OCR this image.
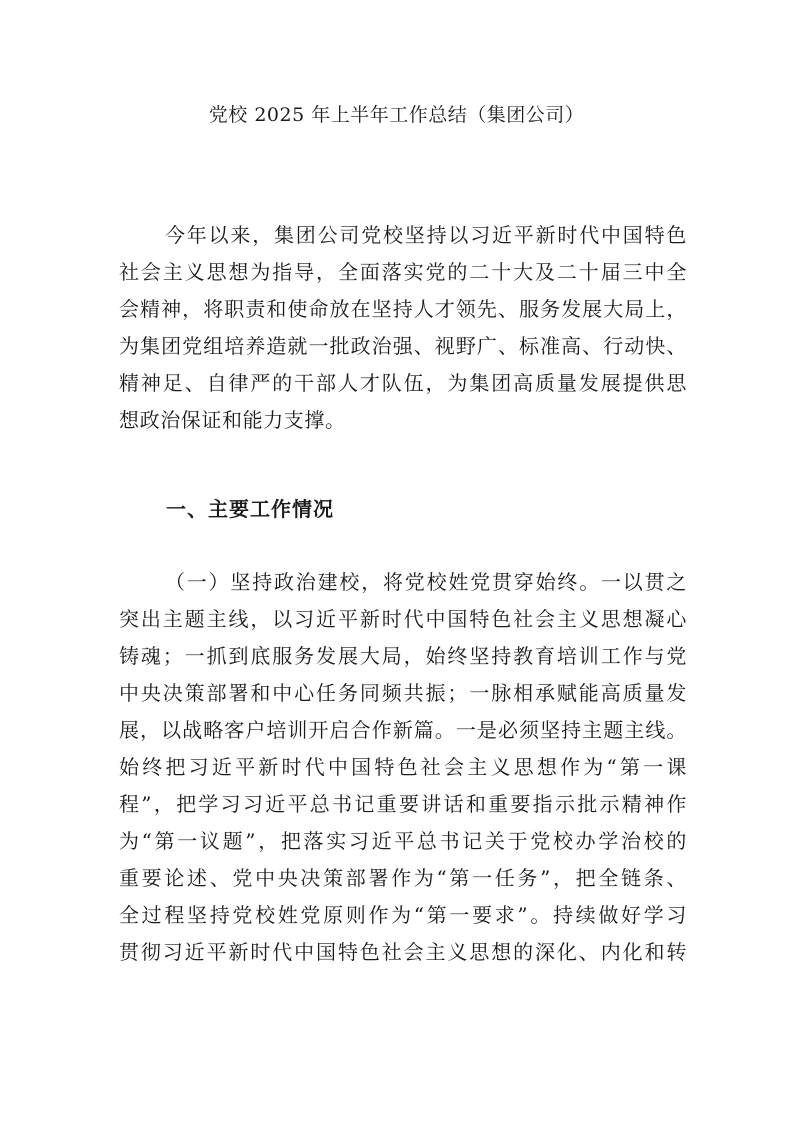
党校 2025 年上半年工作总结（集团公司）
今年以来，集团公司党校坚持以习近平新时代中国特色
社会主义思想为指导，全面落实党的二十大及二十届三中全
会精神，将职责和使命放在坚持人才领先、服务发展大局上，
为集团党组培养造就一批政治强、视野广、标准高、行动快、
精神足、自律严的干部人才队伍，为集团高质量发展提供思
想政治保证和能力支撑。
一、主要工作情况
（一）坚持政治建校，将党校姓党贯穿始终。一以贯之
突出主题主线，以习近平新时代中国特色社会主义思想凝心
铸魂；一抓到底服务发展大局，始终坚持教育培训工作与党
中央决策部署和中心任务同频共振；一脉相承赋能高质量发
展，以战略客户培训开启合作新篇。一是必须坚持主题主线。
始终把习近平新时代中国特色社会主义思想作为“第一课
程”，把学习习近平总书记重要讲话和重要指示批示精神作
为“第一议题”，把落实习近平总书记关于党校办学治校的
重要论述、党中央决策部署作为“第一任务”，把全链条、
全过程坚持党校姓党原则作为“第一要求”。持续做好学习
贯彻习近平新时代中国特色社会主义思想的深化、内化和转
